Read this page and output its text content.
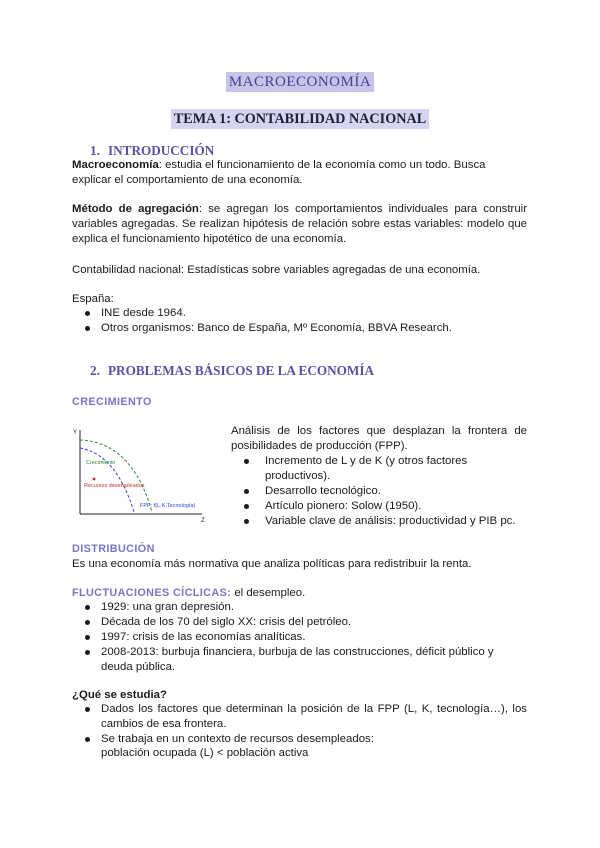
MACROECONOMÍA
TEMA 1: CONTABILIDAD NACIONAL
1. INTRODUCCIÓN
Macroeconomía: estudia el funcionamiento de la economía como un todo. Busca explicar el comportamiento de una economía.
Método de agregación: se agregan los comportamientos individuales para construir variables agregadas. Se realizan hipótesis de relación sobre estas variables: modelo que explica el funcionamiento hipotético de una economía.
Contabilidad nacional: Estadísticas sobre variables agregadas de una economía.
España:
INE desde 1964.
Otros organismos: Banco de España, Mº Economía, BBVA Research.
2. PROBLEMAS BÁSICOS DE LA ECONOMÍA
CRECIMIENTO
Y
Z
Crecimiento
Recursos desempleados
FPP: f(L,K,Tecnología)
Análisis de los factores que desplazan la frontera de posibilidades de producción (FPP).
Incremento de L y de K (y otros factores productivos).
Desarrollo tecnológico.
Artículo pionero: Solow (1950).
Variable clave de análisis: productividad y PIB pc.
DISTRIBUCIÓN
Es una economía más normativa que analiza políticas para redistribuir la renta.
FLUCTUACIONES CÍCLICAS: el desempleo.
1929: una gran depresión.
Década de los 70 del siglo XX: crisis del petróleo.
1997: crisis de las economías analíticas.
2008-2013: burbuja financiera, burbuja de las construcciones, déficit público y deuda pública.
¿Qué se estudia?
Dados los factores que determinan la posición de la FPP (L, K, tecnología…), los cambios de esa frontera.
Se trabaja en un contexto de recursos desempleados:
población ocupada (L) < población activa
